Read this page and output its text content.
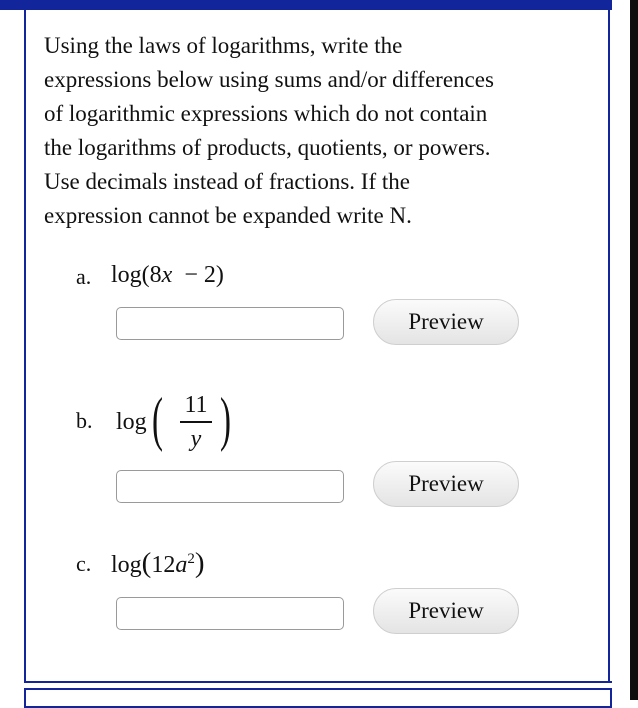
Using the laws of logarithms, write the
expressions below using sums and/or differences
of logarithmic expressions which do not contain
the logarithms of products, quotients, or powers.
Use decimals instead of fractions. If the
expression cannot be expanded write N.

a. log(8x − 2)
Preview
b. log ( 11
y )
Preview
c. $\log(12a^2)$
Preview
